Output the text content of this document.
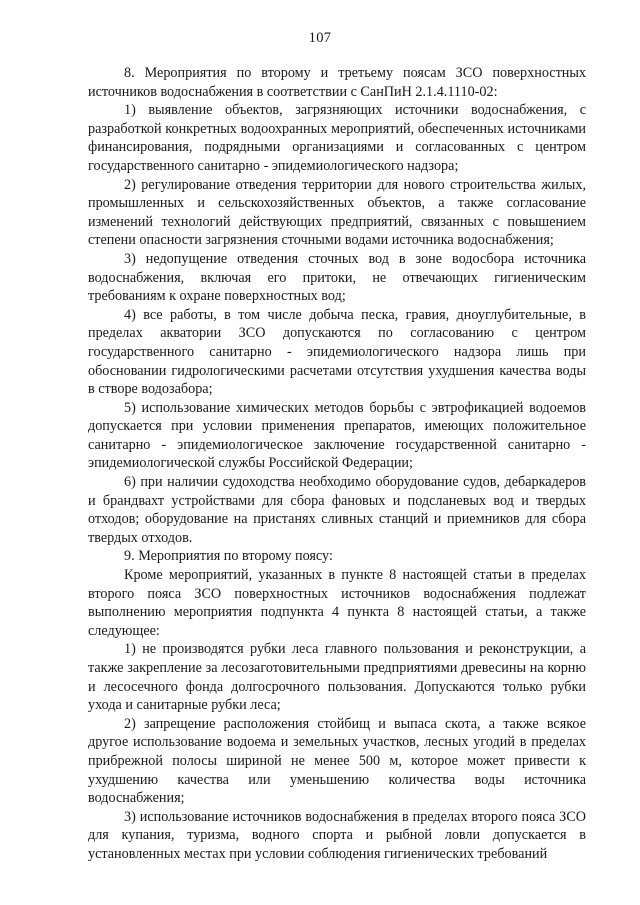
107

8. Мероприятия по второму и третьему поясам ЗСО поверхностных источников водоснабжения в соответствии с СанПиН 2.1.4.1110-02:

1) выявление объектов, загрязняющих источники водоснабжения, с разработкой конкретных водоохранных мероприятий, обеспеченных источниками финансирования, подрядными организациями и согласованных с центром государственного санитарно - эпидемиологического надзора;

2) регулирование отведения территории для нового строительства жилых, промышленных и сельскохозяйственных объектов, а также согласование изменений технологий действующих предприятий, связанных с повышением степени опасности загрязнения сточными водами источника водоснабжения;

3) недопущение отведения сточных вод в зоне водосбора источника водоснабжения, включая его притоки, не отвечающих гигиеническим требованиям к охране поверхностных вод;

4) все работы, в том числе добыча песка, гравия, дноуглубительные, в пределах акватории ЗСО допускаются по согласованию с центром государственного санитарно - эпидемиологического надзора лишь при обосновании гидрологическими расчетами отсутствия ухудшения качества воды в створе водозабора;

5) использование химических методов борьбы с эвтрофикацией водоемов допускается при условии применения препаратов, имеющих положительное санитарно - эпидемиологическое заключение государственной санитарно - эпидемиологической службы Российской Федерации;

6) при наличии судоходства необходимо оборудование судов, дебаркадеров и брандвахт устройствами для сбора фановых и подсланевых вод и твердых отходов; оборудование на пристанях сливных станций и приемников для сбора твердых отходов.

9. Мероприятия по второму поясу:

Кроме мероприятий, указанных в пункте 8 настоящей статьи в пределах второго пояса ЗСО поверхностных источников водоснабжения подлежат выполнению мероприятия подпункта 4 пункта 8 настоящей статьи, а также следующее:

1) не производятся рубки леса главного пользования и реконструкции, а также закрепление за лесозаготовительными предприятиями древесины на корню и лесосечного фонда долгосрочного пользования. Допускаются только рубки ухода и санитарные рубки леса;

2) запрещение расположения стойбищ и выпаса скота, а также всякое другое использование водоема и земельных участков, лесных угодий в пределах прибрежной полосы шириной не менее 500 м, которое может привести к ухудшению качества или уменьшению количества воды источника водоснабжения;

3) использование источников водоснабжения в пределах второго пояса ЗСО для купания, туризма, водного спорта и рыбной ловли допускается в установленных местах при условии соблюдения гигиенических требований
